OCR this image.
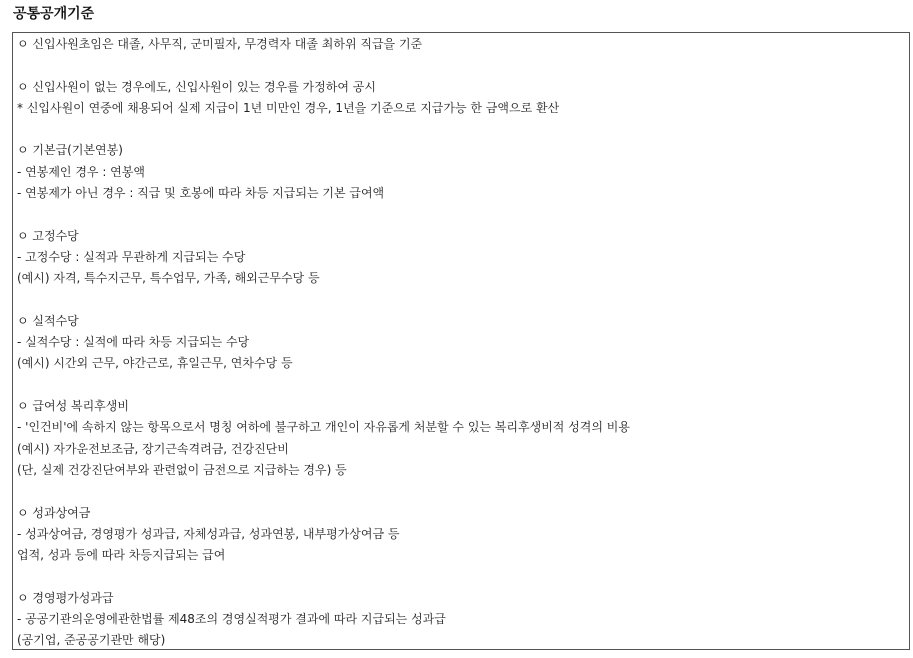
공통공개기준
ㅇ 신입사원초임은 대졸, 사무직, 군미필자, 무경력자 대졸 최하위 직급을 기준
ㅇ 신입사원이 없는 경우에도, 신입사원이 있는 경우를 가정하여 공시
* 신입사원이 연중에 채용되어 실제 지급이 1년 미만인 경우, 1년을 기준으로 지급가능 한 금액으로 환산
ㅇ 기본급(기본연봉)
- 연봉제인 경우 : 연봉액
- 연봉제가 아닌 경우 : 직급 및 호봉에 따라 차등 지급되는 기본 급여액
ㅇ 고정수당
- 고정수당 : 실적과 무관하게 지급되는 수당
(예시) 자격, 특수지근무, 특수업무, 가족, 해외근무수당 등
ㅇ 실적수당
- 실적수당 : 실적에 따라 차등 지급되는 수당
(예시) 시간외 근무, 야간근로, 휴일근무, 연차수당 등
ㅇ 급여성 복리후생비
- '인건비'에 속하지 않는 항목으로서 명칭 여하에 불구하고 개인이 자유롭게 처분할 수 있는 복리후생비적 성격의 비용
(예시) 자가운전보조금, 장기근속격려금, 건강진단비
(단, 실제 건강진단여부와 관련없이 금전으로 지급하는 경우) 등
ㅇ 성과상여금
- 성과상여금, 경영평가 성과급, 자체성과급, 성과연봉, 내부평가상여금 등
업적, 성과 등에 따라 차등지급되는 급여
ㅇ 경영평가성과급
- 공공기관의운영에관한법률 제48조의 경영실적평가 결과에 따라 지급되는 성과급
(공기업, 준공공기관만 해당)
